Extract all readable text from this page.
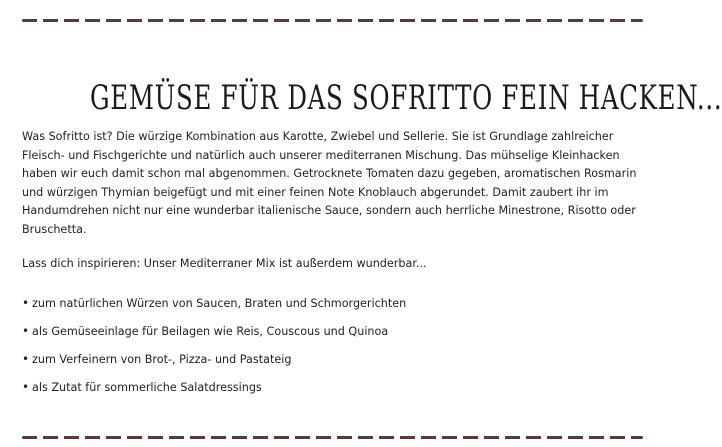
GEMÜSE FÜR DAS SOFRITTO FEIN HACKEN...

Was Sofritto ist? Die würzige Kombination aus Karotte, Zwiebel und Sellerie. Sie ist Grundlage zahlreicher Fleisch- und Fischgerichte und natürlich auch unserer mediterranen Mischung. Das mühselige Kleinhacken haben wir euch damit schon mal abgenommen. Getrocknete Tomaten dazu gegeben, aromatischen Rosmarin und würzigen Thymian beigefügt und mit einer feinen Note Knoblauch abgerundet. Damit zaubert ihr im Handumdrehen nicht nur eine wunderbar italienische Sauce, sondern auch herrliche Minestrone, Risotto oder Bruschetta.

Lass dich inspirieren: Unser Mediterraner Mix ist außerdem wunderbar...

• zum natürlichen Würzen von Saucen, Braten und Schmorgerichten
• als Gemüseeinlage für Beilagen wie Reis, Couscous und Quinoa
• zum Verfeinern von Brot-, Pizza- und Pastateig
• als Zutat für sommerliche Salatdressings
